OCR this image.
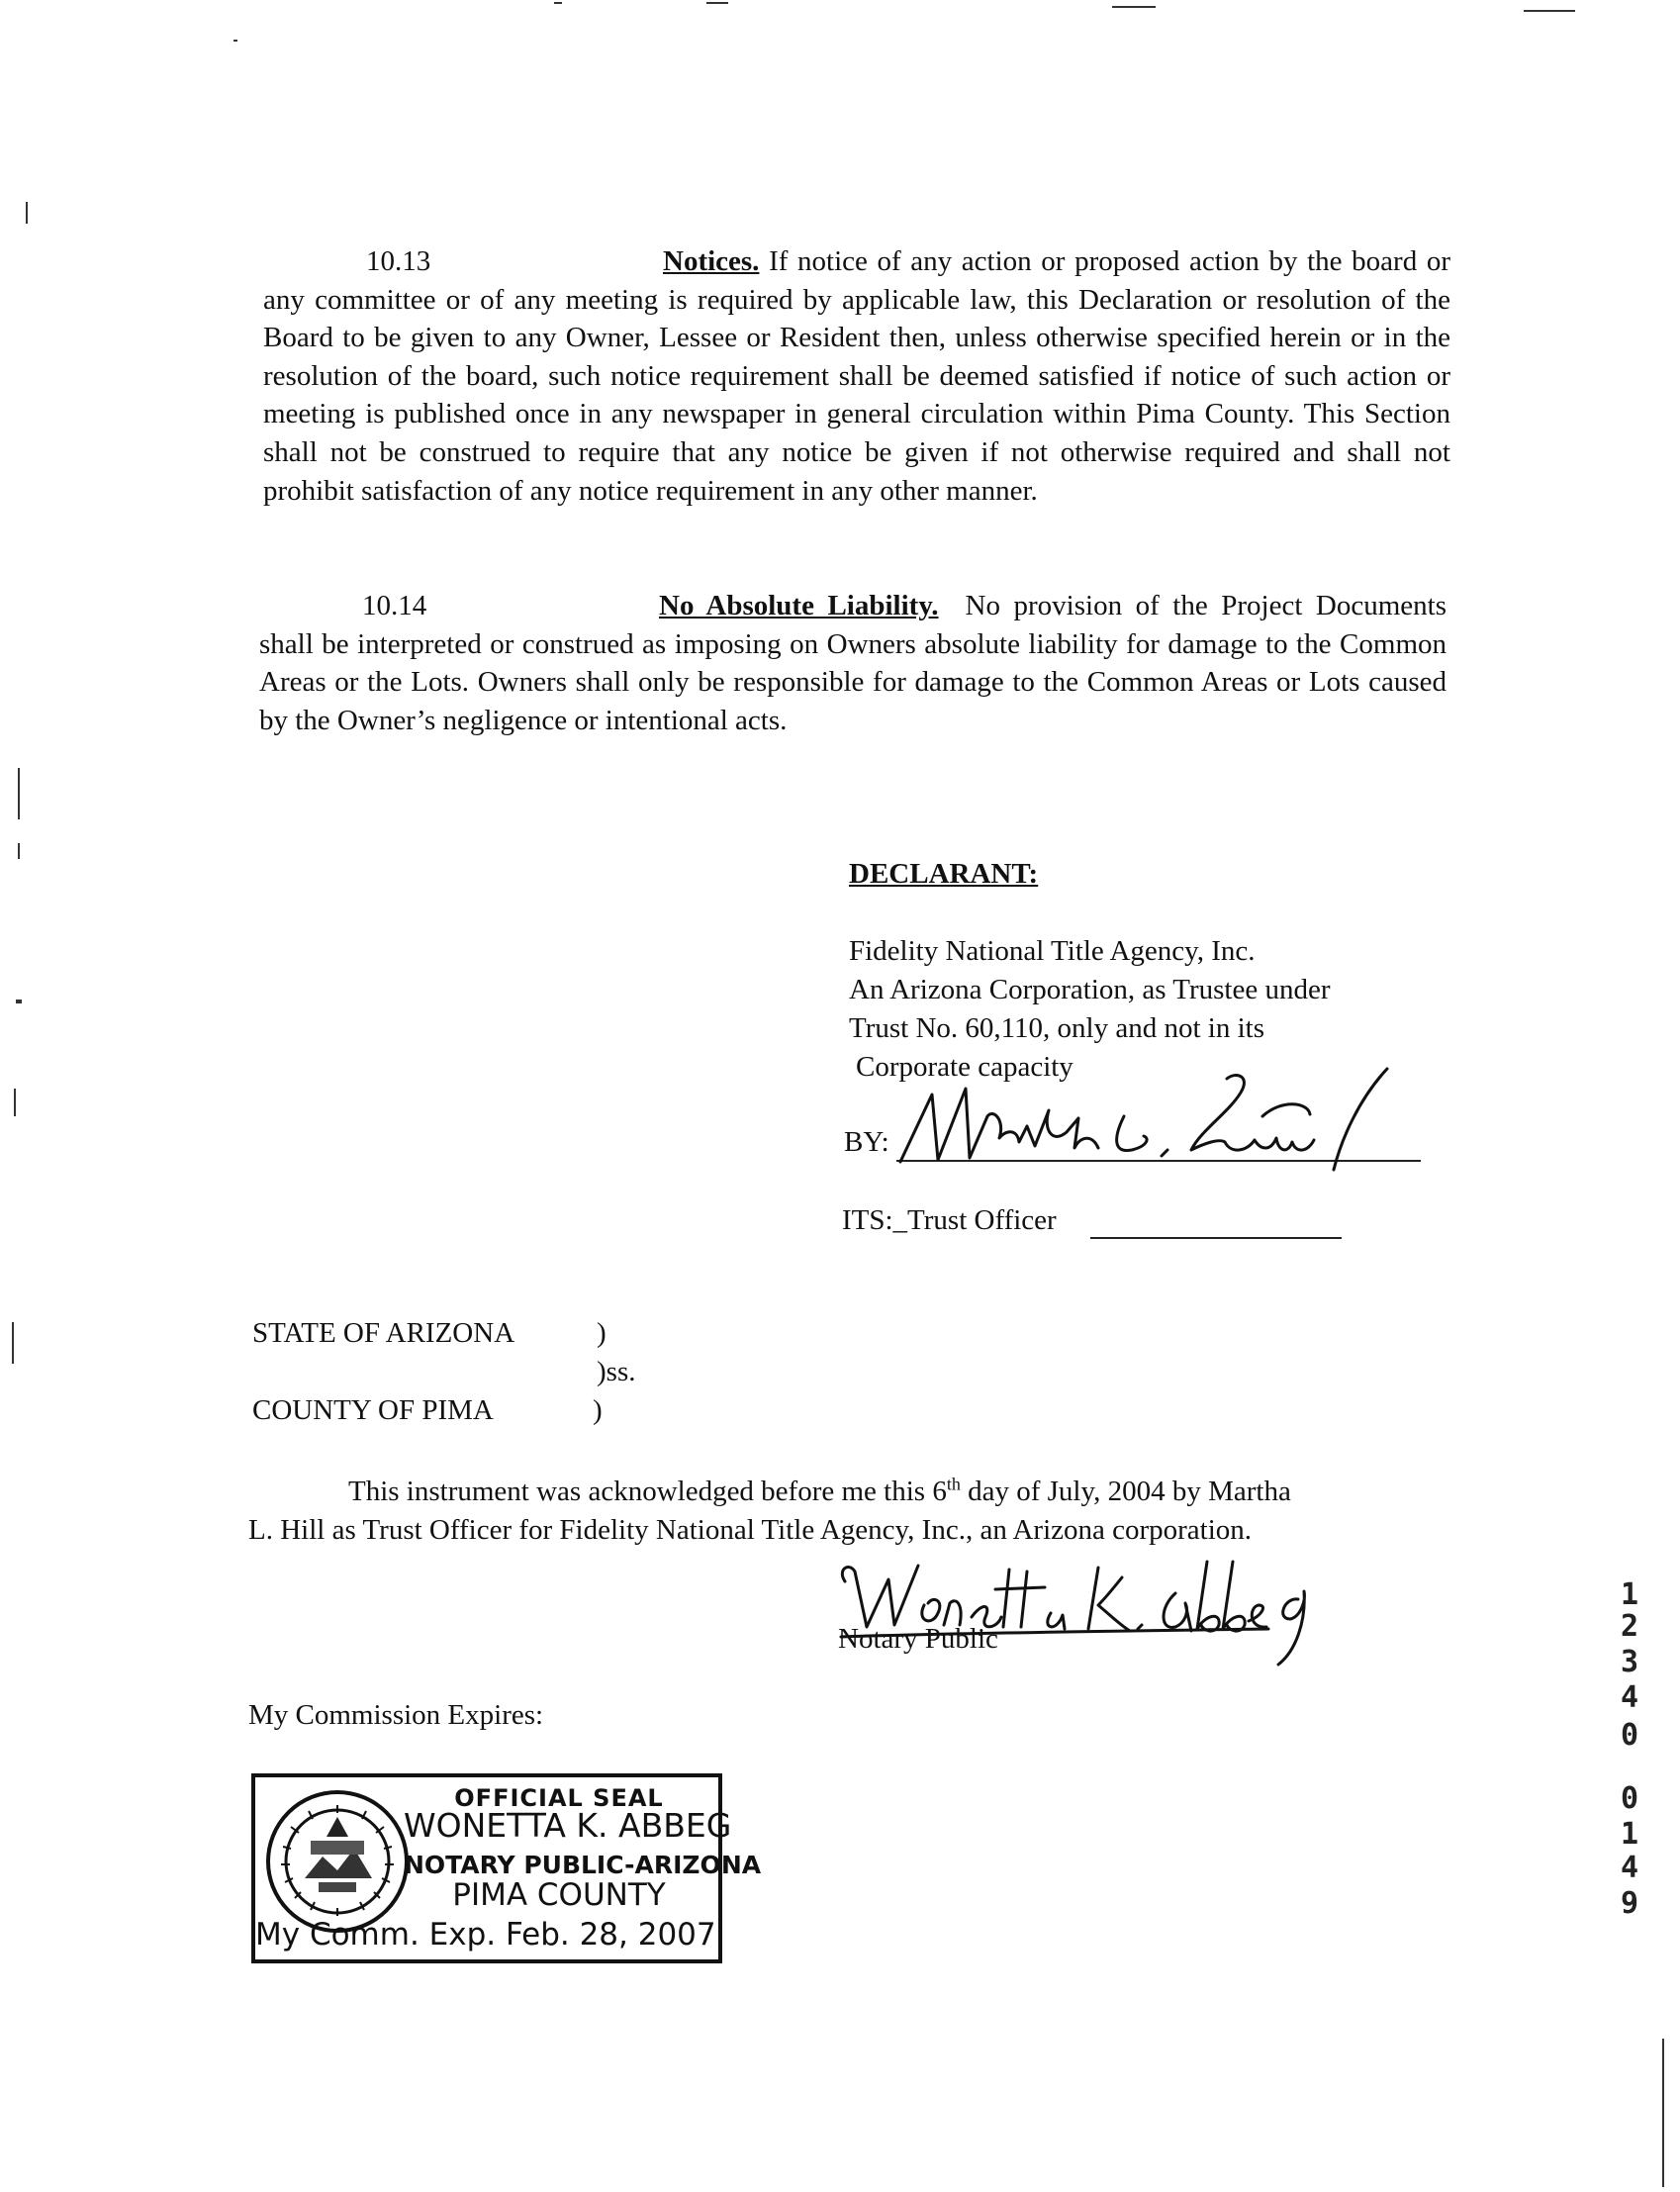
10.13	Notices. If notice of any action or proposed action by the board or any committee or of any meeting is required by applicable law, this Declaration or resolution of the Board to be given to any Owner, Lessee or Resident then, unless otherwise specified herein or in the resolution of the board, such notice requirement shall be deemed satisfied if notice of such action or meeting is published once in any newspaper in general circulation within Pima County. This Section shall not be construed to require that any notice be given if not otherwise required and shall not prohibit satisfaction of any notice requirement in any other manner.
10.14	No Absolute Liability. No provision of the Project Documents shall be interpreted or construed as imposing on Owners absolute liability for damage to the Common Areas or the Lots. Owners shall only be responsible for damage to the Common Areas or Lots caused by the Owner’s negligence or intentional acts.
DECLARANT:
Fidelity National Title Agency, Inc.
An Arizona Corporation, as Trustee under
Trust No. 60,110, only and not in its
Corporate capacity
BY:
ITS:_Trust Officer
STATE OF ARIZONA	)
)ss.
COUNTY OF PIMA	)
This instrument was acknowledged before me this 6th day of July, 2004 by Martha
L. Hill as Trust Officer for Fidelity National Title Agency, Inc., an Arizona corporation.
Notary Public
My Commission Expires:
OFFICIAL SEAL
WONETTA K. ABBEG
NOTARY PUBLIC-ARIZONA
PIMA COUNTY
My Comm. Exp. Feb. 28, 2007
1
2
3
4
0
0
1
4
9
